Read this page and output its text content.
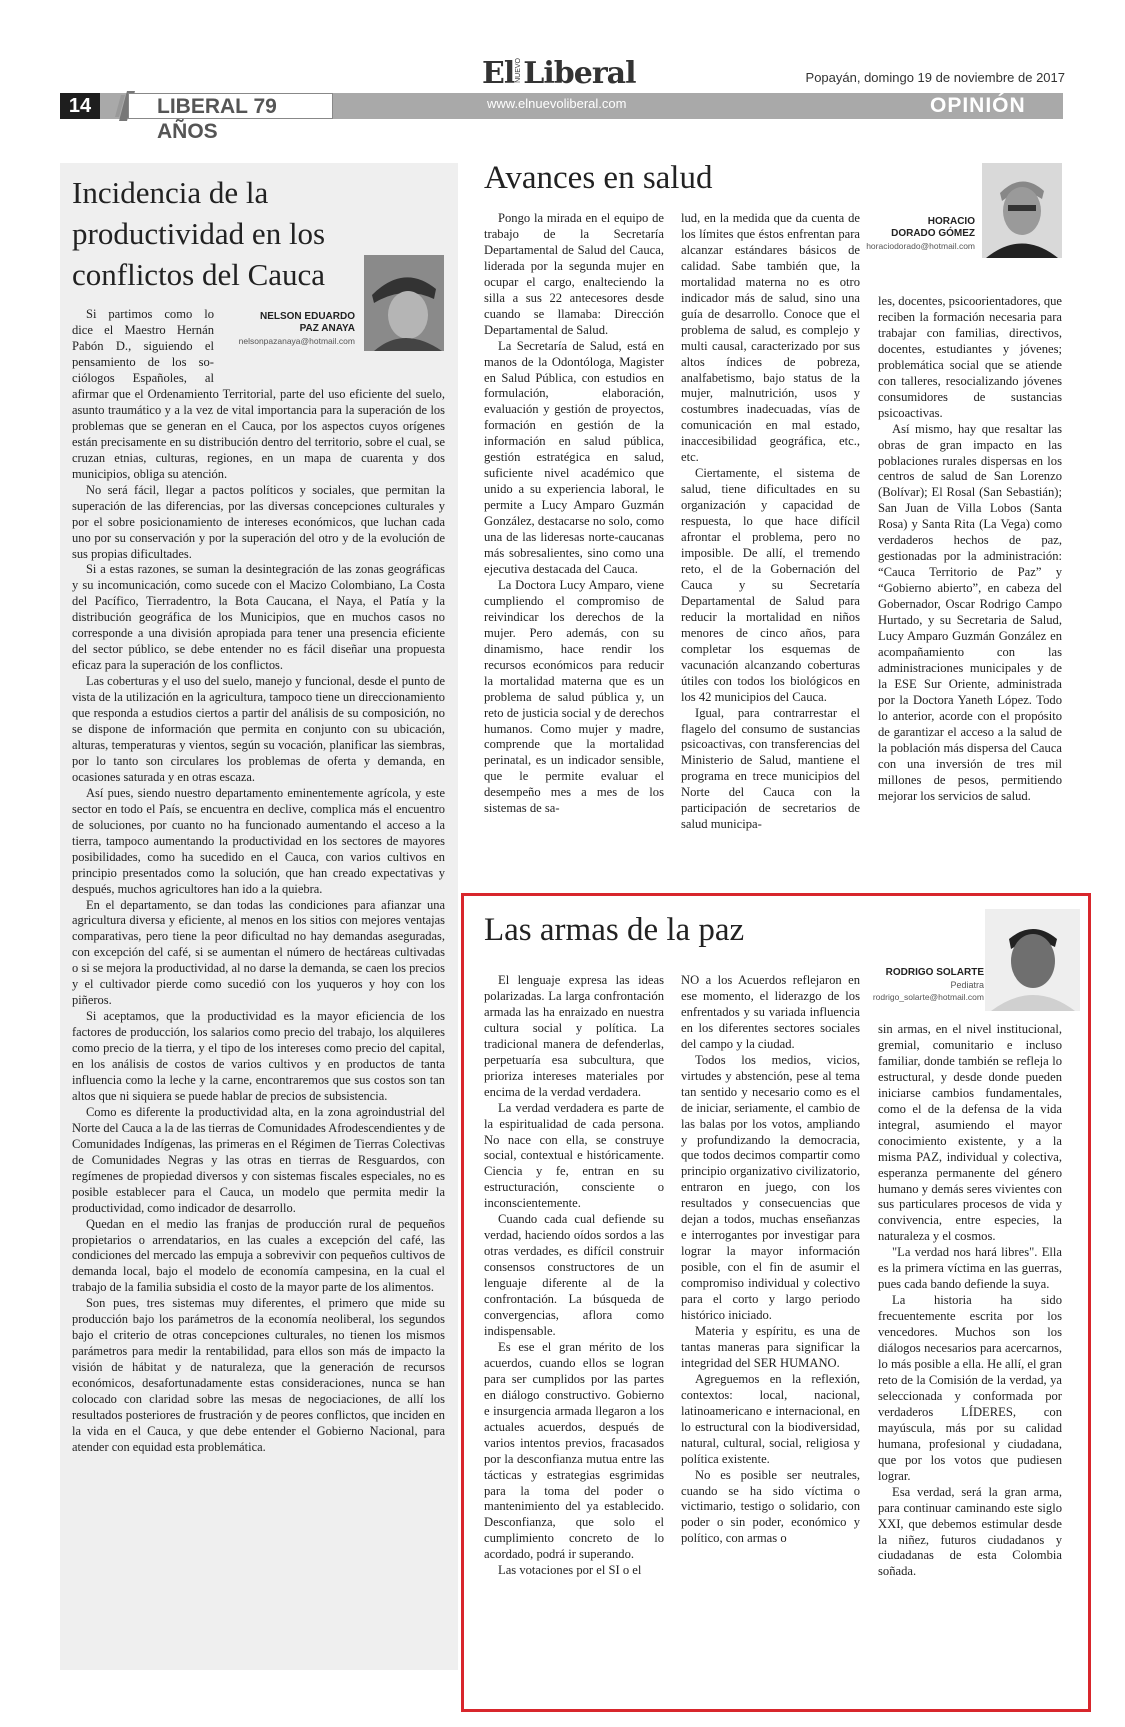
El NUEVO Liberal	Popayán, domingo 19 de noviembre de 2017
14	LIBERAL 79 AÑOS
www.elnuevoliberal.com	OPINIÓN
Incidencia de la productividad en los conflictos del Cauca
NELSON EDUARDO
PAZ ANAYA
nelsonpazanaya@hotmail.com
Si partimos como lo
dice el Maestro Hernán
Pabón D., siguiendo el
pensamiento de los so-
ciólogos Españoles, al

afirmar que el Ordenamiento Territorial, parte del uso eficiente del suelo, asunto traumático y a la vez de vital importancia para la superación de los problemas que se generan en el Cauca, por los aspectos cuyos orígenes están precisamente en su distribución dentro del territorio, sobre el cual, se cruzan etnias, culturas, regiones, en un mapa de cuarenta y dos municipios, obliga su atención.

No será fácil, llegar a pactos políticos y sociales, que permitan la superación de las diferencias, por las diversas concepciones culturales y por el sobre posicionamiento de intereses económicos, que luchan cada uno por su conservación y por la superación del otro y de la evolución de sus propias dificultades.

Si a estas razones, se suman la desintegración de las zonas geográficas y su incomunicación, como sucede con el Macizo Colombiano, La Costa del Pacífico, Tierradentro, la Bota Caucana, el Naya, el Patía y la distribución geográfica de los Municipios, que en muchos casos no corresponde a una división apropiada para tener una presencia eficiente del sector público, se debe entender no es fácil diseñar una propuesta eficaz para la superación de los conflictos.

Las coberturas y el uso del suelo, manejo y funcional, desde el punto de vista de la utilización en la agricultura, tampoco tiene un direccionamiento que responda a estudios ciertos a partir del análisis de su composición, no se dispone de información que permita en conjunto con su ubicación, alturas, temperaturas y vientos, según su vocación, planificar las siembras, por lo tanto son circulares los problemas de oferta y demanda, en ocasiones saturada y en otras escaza.

Así pues, siendo nuestro departamento eminentemente agrícola, y este sector en todo el País, se encuentra en declive, complica más el encuentro de soluciones, por cuanto no ha funcionado aumentando el acceso a la tierra, tampoco aumentando la productividad en los sectores de mayores posibilidades, como ha sucedido en el Cauca, con varios cultivos en principio presentados como la solución, que han creado expectativas y después, muchos agricultores han ido a la quiebra.

En el departamento, se dan todas las condiciones para afianzar una agricultura diversa y eficiente, al menos en los sitios con mejores ventajas comparativas, pero tiene la peor dificultad no hay demandas aseguradas, con excepción del café, si se aumentan el número de hectáreas cultivadas o si se mejora la productividad, al no darse la demanda, se caen los precios y el cultivador pierde como sucedió con los yuqueros y hoy con los piñeros.

Si aceptamos, que la productividad es la mayor eficiencia de los factores de producción, los salarios como precio del trabajo, los alquileres como precio de la tierra, y el tipo de los intereses como precio del capital, en los análisis de costos de varios cultivos y en productos de tanta influencia como la leche y la carne, encontraremos que sus costos son tan altos que ni siquiera se puede hablar de precios de subsistencia.

Como es diferente la productividad alta, en la zona agroindustrial del Norte del Cauca a la de las tierras de Comunidades Afrodescendientes y de Comunidades Indígenas, las primeras en el Régimen de Tierras Colectivas de Comunidades Negras y las otras en tierras de Resguardos, con regímenes de propiedad diversos y con sistemas fiscales especiales, no es posible establecer para el Cauca, un modelo que permita medir la productividad, como indicador de desarrollo.

Quedan en el medio las franjas de producción rural de pequeños propietarios o arrendatarios, en las cuales a excepción del café, las condiciones del mercado las empuja a sobrevivir con pequeños cultivos de demanda local, bajo el modelo de economía campesina, en la cual el trabajo de la familia subsidia el costo de la mayor parte de los alimentos.

Son pues, tres sistemas muy diferentes, el primero que mide su producción bajo los parámetros de la economía neoliberal, los segundos bajo el criterio de otras concepciones culturales, no tienen los mismos parámetros para medir la rentabilidad, para ellos son más de impacto la visión de hábitat y de naturaleza, que la generación de recursos económicos, desafortunadamente estas consideraciones, nunca se han colocado con claridad sobre las mesas de negociaciones, de allí los resultados posteriores de frustración y de peores conflictos, que inciden en la vida en el Cauca, y que debe entender el Gobierno Nacional, para atender con equidad esta problemática.

Avances en salud
HORACIO
DORADO GÓMEZ
horaciodorado@hotmail.com

Pongo la mirada en el equipo de trabajo de la Secretaría Departamental de Salud del Cauca, liderada por la segunda mujer en ocupar el cargo, enalteciendo la silla a sus 22 antecesores desde cuando se llamaba: Dirección Departamental de Salud.

La Secretaría de Salud, está en manos de la Odontóloga, Magister en Salud Pública, con estudios en formulación, elaboración, evaluación y gestión de proyectos, formación en gestión de la información en salud pública, gestión estratégica en salud, suficiente nivel académico que unido a su experiencia laboral, le permite a Lucy Amparo Guzmán González, destacarse no solo, como una de las lideresas norte-caucanas más sobresalientes, sino como una ejecutiva destacada del Cauca.

La Doctora Lucy Amparo, viene cumpliendo el compromiso de reivindicar los derechos de la mujer. Pero además, con su dinamismo, hace rendir los recursos económicos para reducir la mortalidad materna que es un problema de salud pública y, un reto de justicia social y de derechos humanos. Como mujer y madre, comprende que la mortalidad perinatal, es un indicador sensible, que le permite evaluar el desempeño mes a mes de los sistemas de sa-

lud, en la medida que da cuenta de los límites que éstos enfrentan para alcanzar estándares básicos de calidad. Sabe también que, la mortalidad materna no es otro indicador más de salud, sino una guía de desarrollo. Conoce que el problema de salud, es complejo y multi causal, caracterizado por sus altos índices de pobreza, analfabetismo, bajo status de la mujer, malnutrición, usos y costumbres inadecuadas, vías de comunicación en mal estado, inaccesibilidad geográfica, etc., etc.

Ciertamente, el sistema de salud, tiene dificultades en su organización y capacidad de respuesta, lo que hace difícil afrontar el problema, pero no imposible. De allí, el tremendo reto, el de la Gobernación del Cauca y su Secretaría Departamental de Salud para reducir la mortalidad en niños menores de cinco años, para completar los esquemas de vacunación alcanzando coberturas útiles con todos los biológicos en los 42 municipios del Cauca.

Igual, para contrarrestar el flagelo del consumo de sustancias psicoactivas, con transferencias del Ministerio de Salud, mantiene el programa en trece municipios del Norte del Cauca con la participación de secretarios de salud municipa-

les, docentes, psicoorientadores, que reciben la formación necesaria para trabajar con familias, directivos, docentes, estudiantes y jóvenes; problemática social que se atiende con talleres, resocializando jóvenes consumidores de sustancias psicoactivas.

Así mismo, hay que resaltar las obras de gran impacto en las poblaciones rurales dispersas en los centros de salud de San Lorenzo (Bolívar); El Rosal (San Sebastián); San Juan de Villa Lobos (Santa Rosa) y Santa Rita (La Vega) como verdaderos hechos de paz, gestionadas por la administración: “Cauca Territorio de Paz” y “Gobierno abierto”, en cabeza del Gobernador, Oscar Rodrigo Campo Hurtado, y su Secretaria de Salud, Lucy Amparo Guzmán González en acompañamiento con las administraciones municipales y de la ESE Sur Oriente, administrada por la Doctora Yaneth López. Todo lo anterior, acorde con el propósito de garantizar el acceso a la salud de la población más dispersa del Cauca con una inversión de tres mil millones de pesos, permitiendo mejorar los servicios de salud.

Las armas de la paz
RODRIGO SOLARTE
Pediatra
rodrigo_solarte@hotmail.com

El lenguaje expresa las ideas polarizadas. La larga confrontación armada las ha enraizado en nuestra cultura social y política. La tradicional manera de defenderlas, perpetuaría esa subcultura, que prioriza intereses materiales por encima de la verdad verdadera.

La verdad verdadera es parte de la espiritualidad de cada persona. No nace con ella, se construye social, contextual e históricamente. Ciencia y fe, entran en su estructuración, consciente o inconscientemente.

Cuando cada cual defiende su verdad, haciendo oídos sordos a las otras verdades, es difícil construir consensos constructores de un lenguaje diferente al de la confrontación. La búsqueda de convergencias, aflora como indispensable.

Es ese el gran mérito de los acuerdos, cuando ellos se logran para ser cumplidos por las partes en diálogo constructivo. Gobierno e insurgencia armada llegaron a los actuales acuerdos, después de varios intentos previos, fracasados por la desconfianza mutua entre las tácticas y estrategias esgrimidas para la toma del poder o mantenimiento del ya establecido. Desconfianza, que solo el cumplimiento concreto de lo acordado, podrá ir superando.

Las votaciones por el SI o el

NO a los Acuerdos reflejaron en ese momento, el liderazgo de los enfrentados y su variada influencia en los diferentes sectores sociales del campo y la ciudad.

Todos los medios, vicios, virtudes y abstención, pese al tema tan sentido y necesario como es el de iniciar, seriamente, el cambio de las balas por los votos, ampliando y profundizando la democracia, que todos decimos compartir como principio organizativo civilizatorio, entraron en juego, con los resultados y consecuencias que dejan a todos, muchas enseñanzas e interrogantes por investigar para lograr la mayor información posible, con el fin de asumir el compromiso individual y colectivo para el corto y largo periodo histórico iniciado.

Materia y espíritu, es una de tantas maneras para significar la integridad del SER HUMANO.

Agreguemos en la reflexión, contextos: local, nacional, latinoamericano e internacional, en lo estructural con la biodiversidad, natural, cultural, social, religiosa y política existente.

No es posible ser neutrales, cuando se ha sido víctima o victimario, testigo o solidario, con poder o sin poder, económico y político, con armas o

sin armas, en el nivel institucional, gremial, comunitario e incluso familiar, donde también se refleja lo estructural, y desde donde pueden iniciarse cambios fundamentales, como el de la defensa de la vida integral, asumiendo el mayor conocimiento existente, y a la misma PAZ, individual y colectiva, esperanza permanente del género humano y demás seres vivientes con sus particulares procesos de vida y convivencia, entre especies, la naturaleza y el cosmos.

"La verdad nos hará libres". Ella es la primera víctima en las guerras, pues cada bando defiende la suya.

La historia ha sido frecuentemente escrita por los vencedores. Muchos son los diálogos necesarios para acercarnos, lo más posible a ella. He allí, el gran reto de la Comisión de la verdad, ya seleccionada y conformada por verdaderos LÍDERES, con mayúscula, más por su calidad humana, profesional y ciudadana, que por los votos que pudiesen lograr.

Esa verdad, será la gran arma, para continuar caminando este siglo XXI, que debemos estimular desde la niñez, futuros ciudadanos y ciudadanas de esta Colombia soñada.
